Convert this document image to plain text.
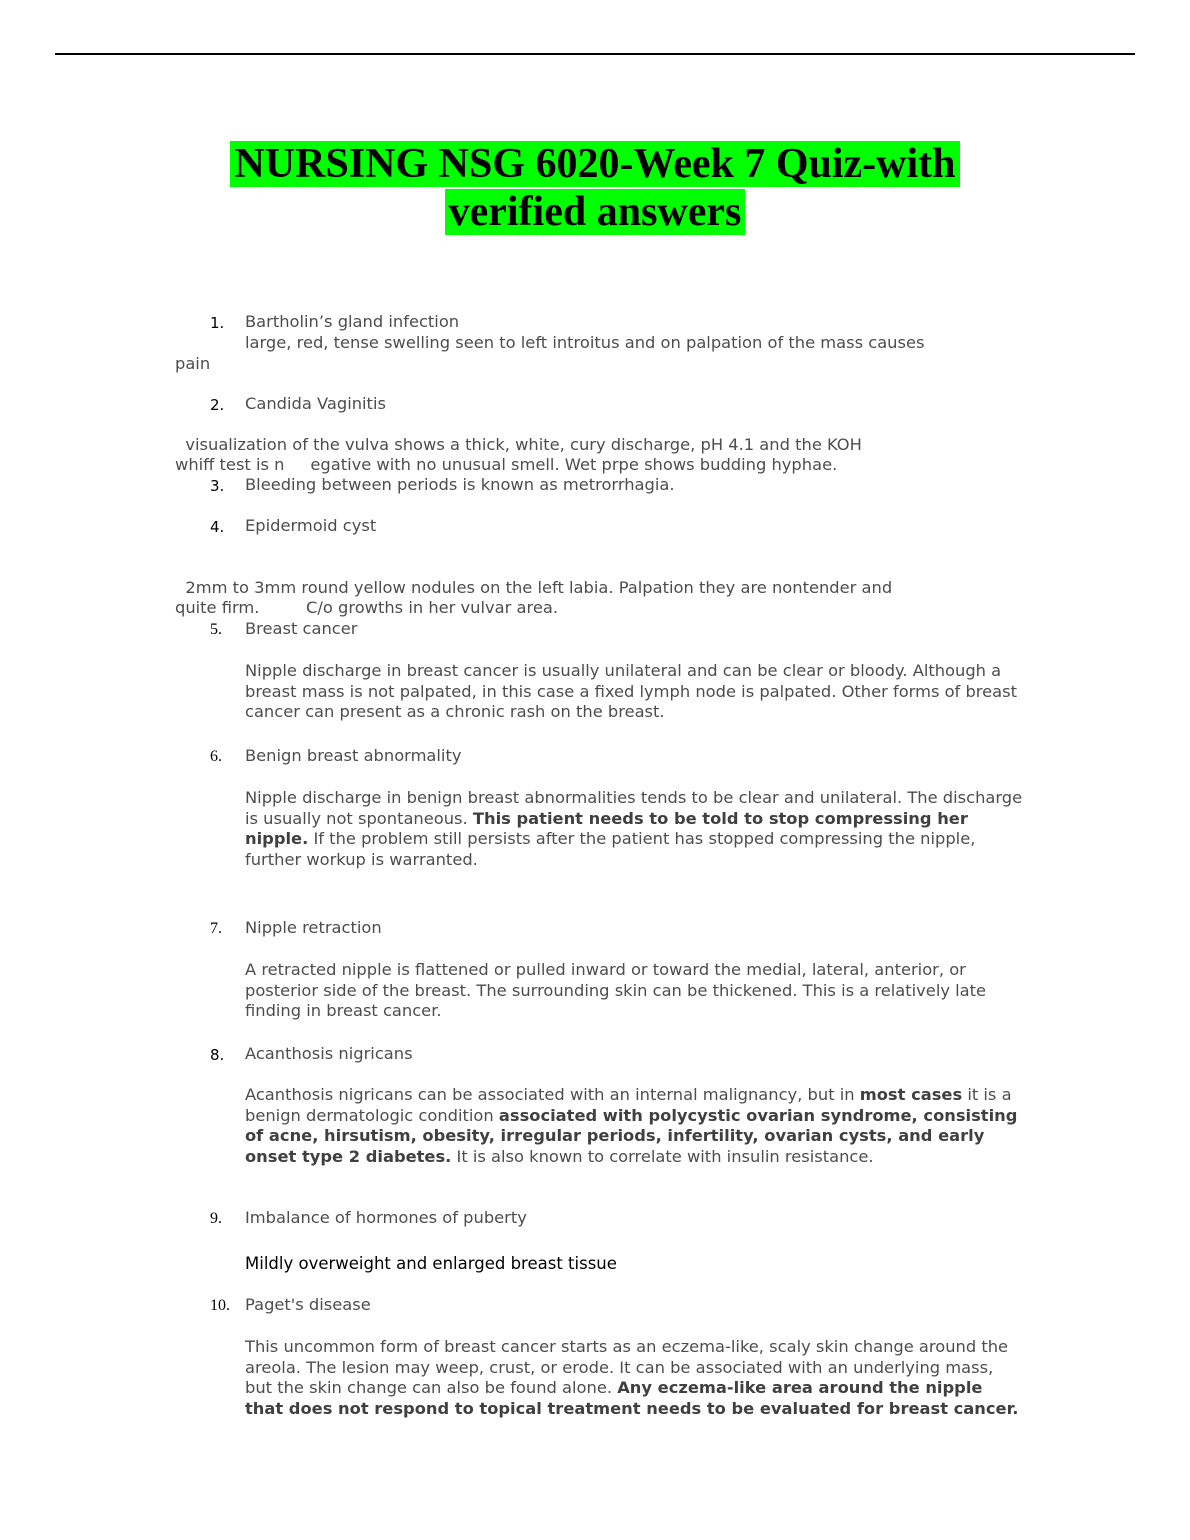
NURSING NSG 6020-Week 7 Quiz-with
verified answers
1.	Bartholin’s gland infection
large, red, tense swelling seen to left introitus and on palpation of the mass causes
pain
2.	Candida Vaginitis

visualization of the vulva shows a thick, white, cury discharge, pH 4.1 and the KOH
whiff test is n     egative with no unusual smell. Wet prpe shows budding hyphae.

3.	Bleeding between periods is known as metrorrhagia.
4.	Epidermoid cyst

2mm to 3mm round yellow nodules on the left labia. Palpation they are nontender and
quite firm.         C/o growths in her vulvar area.

5.	Breast cancer
Nipple discharge in breast cancer is usually unilateral and can be clear or bloody. Although a breast mass is not palpated, in this case a fixed lymph node is palpated. Other forms of breast cancer can present as a chronic rash on the breast.
6.	Benign breast abnormality
Nipple discharge in benign breast abnormalities tends to be clear and unilateral. The discharge is usually not spontaneous. This patient needs to be told to stop compressing her nipple. If the problem still persists after the patient has stopped compressing the nipple, further workup is warranted.
7.	Nipple retraction
A retracted nipple is flattened or pulled inward or toward the medial, lateral, anterior, or posterior side of the breast. The surrounding skin can be thickened. This is a relatively late finding in breast cancer.
8.	Acanthosis nigricans
Acanthosis nigricans can be associated with an internal malignancy, but in most cases it is a benign dermatologic condition associated with polycystic ovarian syndrome, consisting of acne, hirsutism, obesity, irregular periods, infertility, ovarian cysts, and early onset type 2 diabetes. It is also known to correlate with insulin resistance.
9.	Imbalance of hormones of puberty
Mildly overweight and enlarged breast tissue
10. Paget's disease
This uncommon form of breast cancer starts as an eczema-like, scaly skin change around the areola. The lesion may weep, crust, or erode. It can be associated with an underlying mass, but the skin change can also be found alone. Any eczema-like area around the nipple that does not respond to topical treatment needs to be evaluated for breast cancer.
